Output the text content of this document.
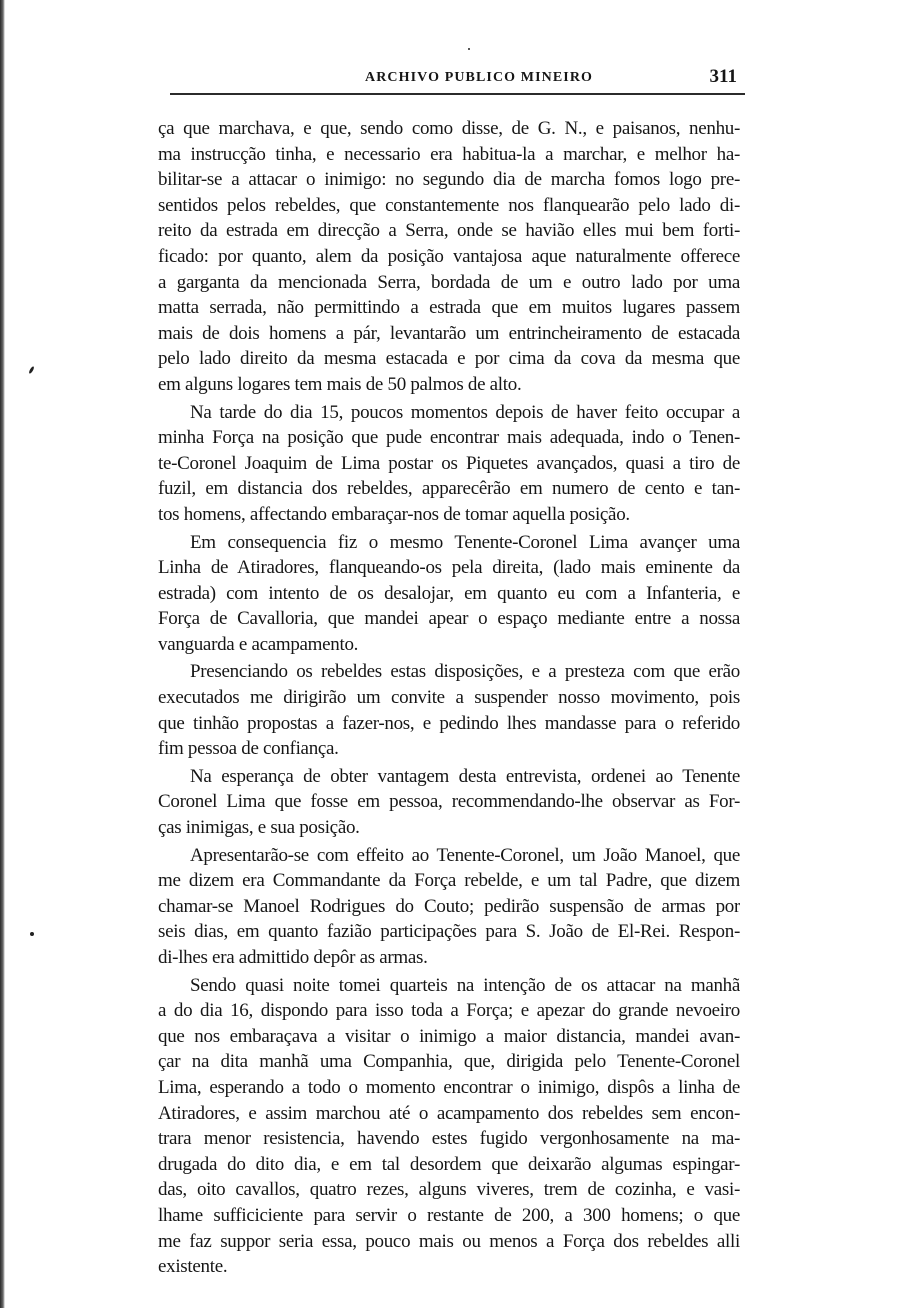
ARCHIVO PUBLICO MINEIRO	311
ça que marchava, e que, sendo como disse, de G. N., e paisanos, nenhu-
ma instrucção tinha, e necessario era habitua-la a marchar, e melhor ha-
bilitar-se a attacar o inimigo: no segundo dia de marcha fomos logo pre-
sentidos pelos rebeldes, que constantemente nos flanquearão pelo lado di-
reito da estrada em direcção a Serra, onde se havião elles mui bem forti-
ficado: por quanto, alem da posição vantajosa aque naturalmente offerece
a garganta da mencionada Serra, bordada de um e outro lado por uma
matta serrada, não permittindo a estrada que em muitos lugares passem
mais de dois homens a pár, levantarão um entrincheiramento de estacada
pelo lado direito da mesma estacada e por cima da cova da mesma que
em alguns logares tem mais de 50 palmos de alto.
Na tarde do dia 15, poucos momentos depois de haver feito occupar a
minha Força na posição que pude encontrar mais adequada, indo o Tenen-
te-Coronel Joaquim de Lima postar os Piquetes avançados, quasi a tiro de
fuzil, em distancia dos rebeldes, apparecêrão em numero de cento e tan-
tos homens, affectando embaraçar-nos de tomar aquella posição.
Em consequencia fiz o mesmo Tenente-Coronel Lima avançer uma
Linha de Atiradores, flanqueando-os pela direita, (lado mais eminente da
estrada) com intento de os desalojar, em quanto eu com a Infanteria, e
Força de Cavalloria, que mandei apear o espaço mediante entre a nossa
vanguarda e acampamento.
Presenciando os rebeldes estas disposições, e a presteza com que erão
executados me dirigirão um convite a suspender nosso movimento, pois
que tinhão propostas a fazer-nos, e pedindo lhes mandasse para o referido
fim pessoa de confiança.
Na esperança de obter vantagem desta entrevista, ordenei ao Tenente
Coronel Lima que fosse em pessoa, recommendando-lhe observar as For-
ças inimigas, e sua posição.
Apresentarão-se com effeito ao Tenente-Coronel, um João Manoel, que
me dizem era Commandante da Força rebelde, e um tal Padre, que dizem
chamar-se Manoel Rodrigues do Couto; pedirão suspensão de armas por
seis dias, em quanto fazião participações para S. João de El-Rei. Respon-
di-lhes era admittido depôr as armas.
Sendo quasi noite tomei quarteis na intenção de os attacar na manhã
a do dia 16, dispondo para isso toda a Força; e apezar do grande nevoeiro
que nos embaraçava a visitar o inimigo a maior distancia, mandei avan-
çar na dita manhã uma Companhia, que, dirigida pelo Tenente-Coronel
Lima, esperando a todo o momento encontrar o inimigo, dispôs a linha de
Atiradores, e assim marchou até o acampamento dos rebeldes sem encon-
trara menor resistencia, havendo estes fugido vergonhosamente na ma-
drugada do dito dia, e em tal desordem que deixarão algumas espingar-
das, oito cavallos, quatro rezes, alguns viveres, trem de cozinha, e vasi-
lhame sufficiciente para servir o restante de 200, a 300 homens; o que
me faz suppor seria essa, pouco mais ou menos a Força dos rebeldes alli
existente.
